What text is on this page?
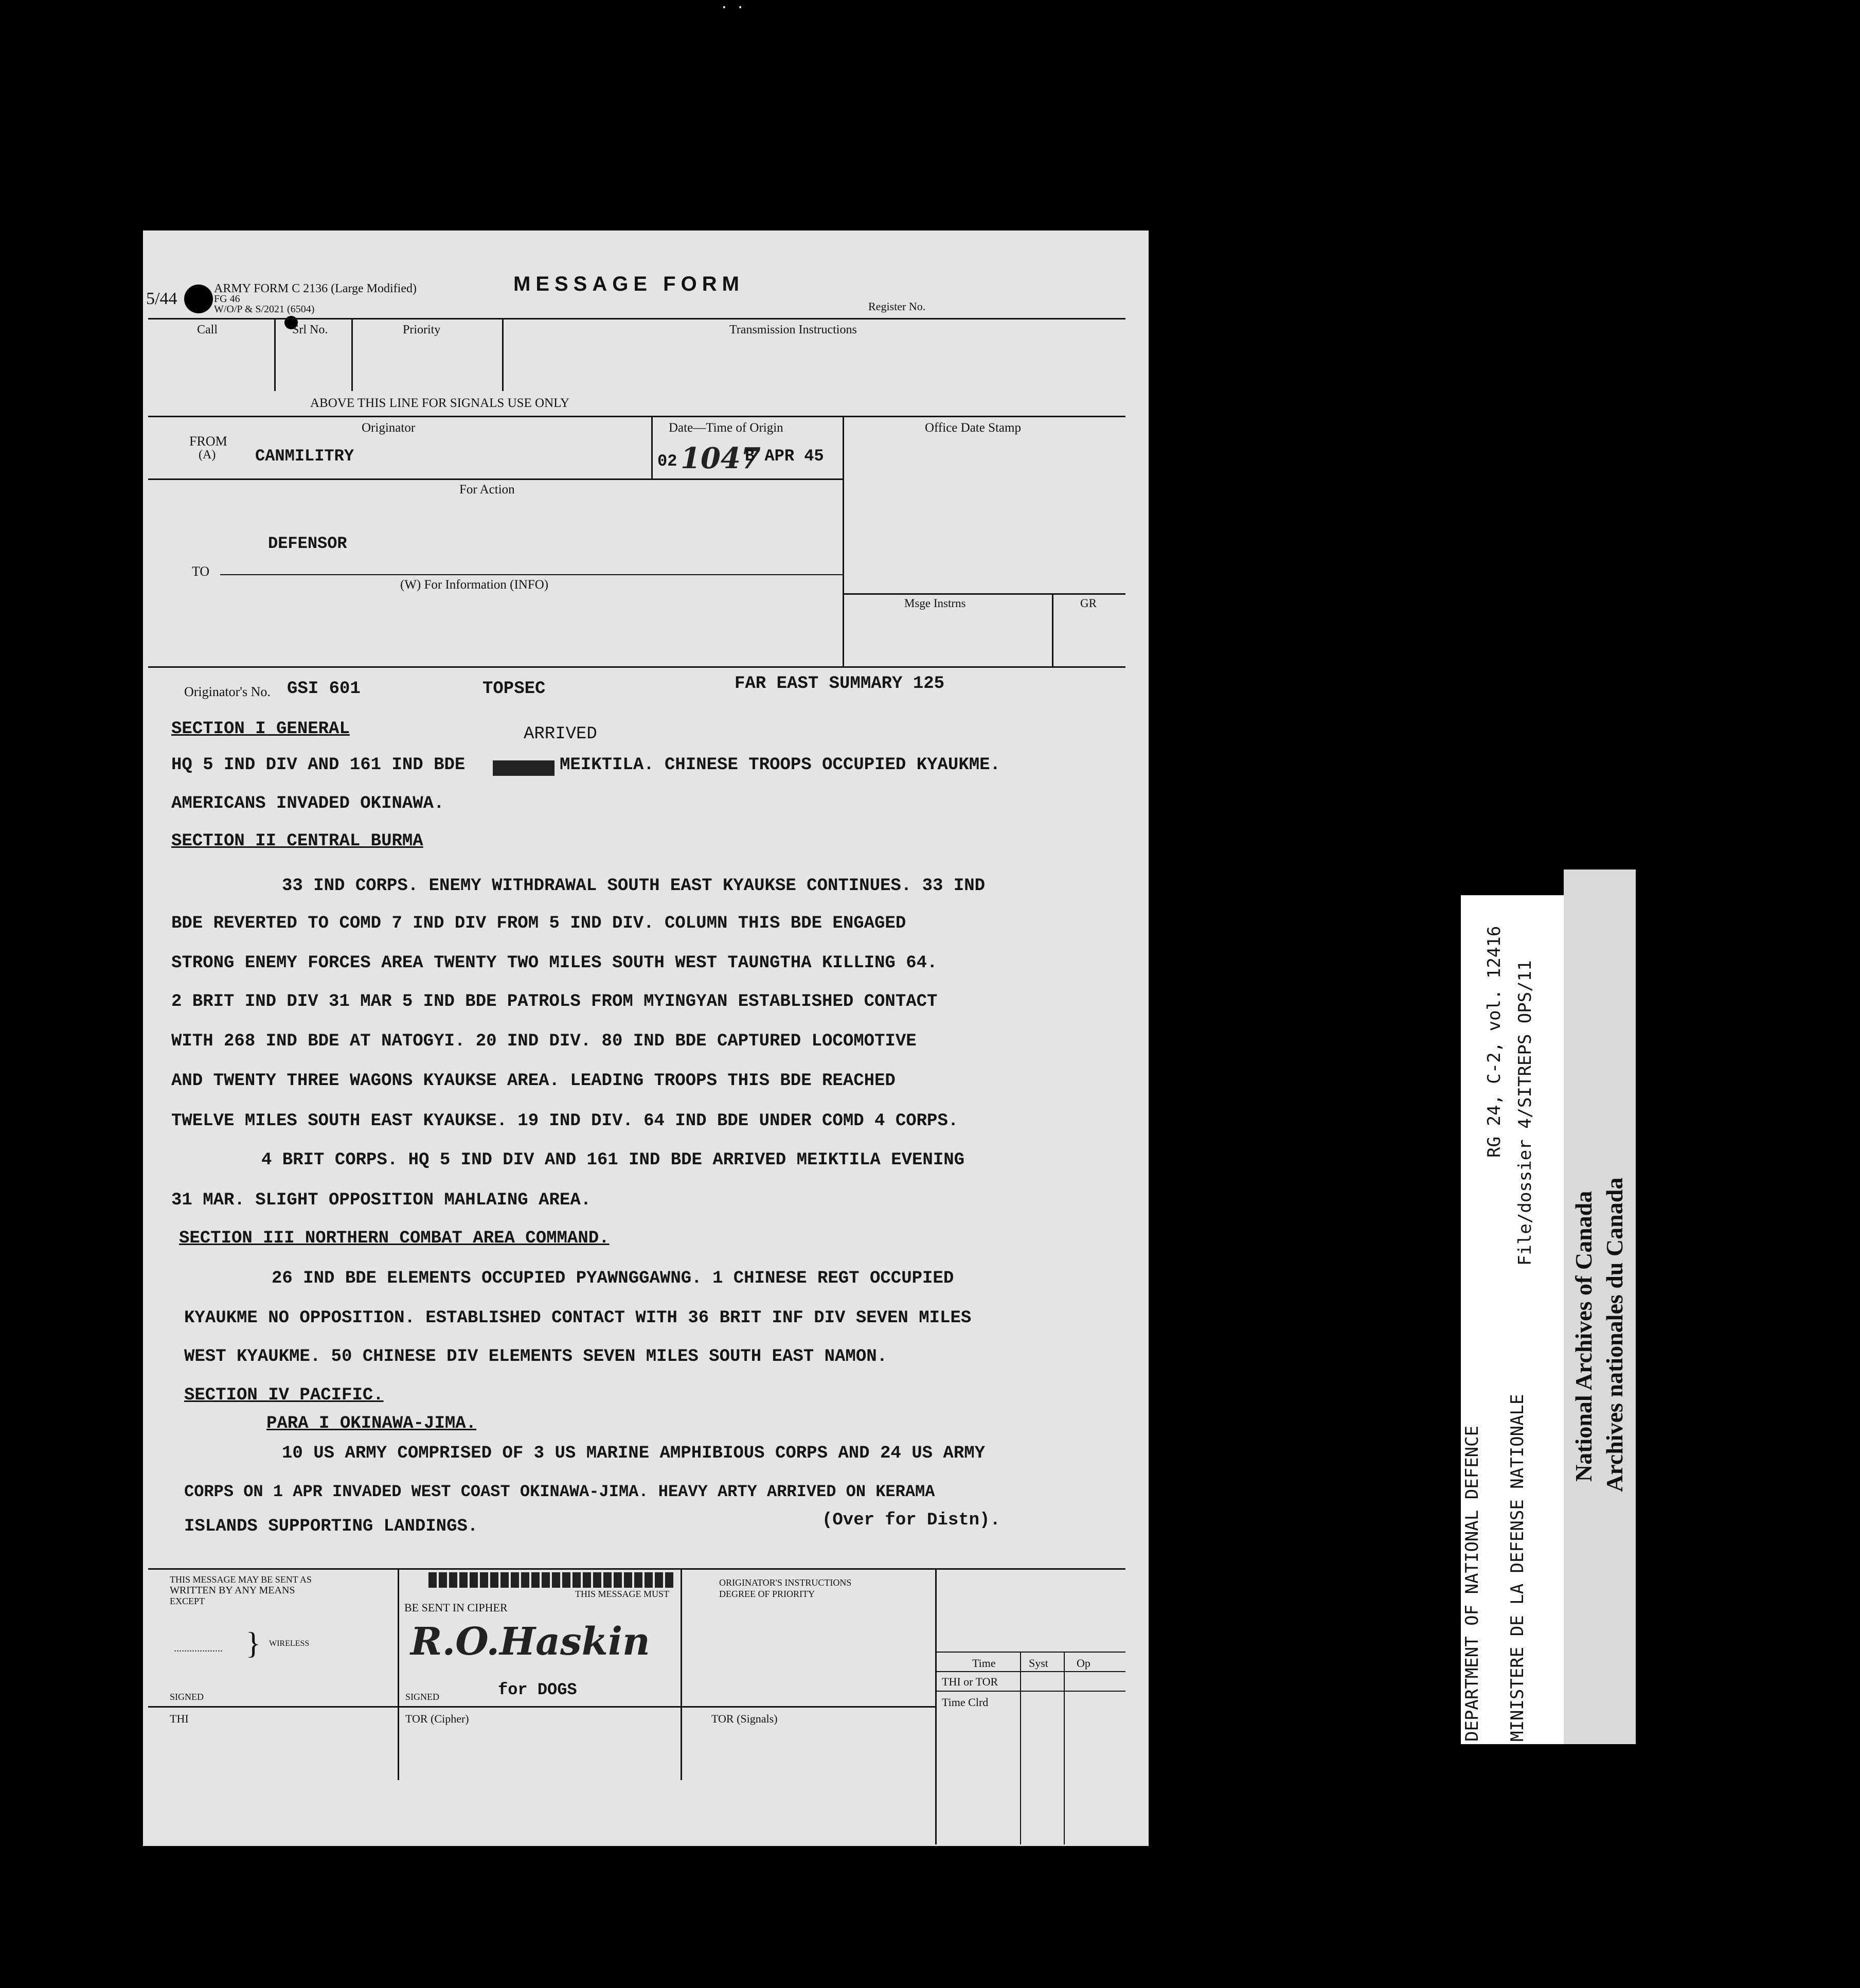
· ·
5/44
ARMY FORM C 2136 (Large Modified)
FG 46
W/O/P & S/2021 (6504)
MESSAGE FORM
Register No.
Call	Srl No.	Priority	Transmission Instructions
ABOVE THIS LINE FOR SIGNALS USE ONLY
Originator	Date—Time of Origin	Office Date Stamp
FROM
(A) CANMILITRY	02 1047
B APR 45
For Action
DEFENSOR
TO
(W) For Information (INFO)
Msge Instrns	GR
Originator's No. GSI 601	TOPSEC	FAR EAST SUMMARY 125
SECTION I GENERAL	ARRIVED
HQ 5 IND DIV AND 161 IND BDE	MEIKTILA. CHINESE TROOPS OCCUPIED KYAUKME.
AMERICANS INVADED OKINAWA.
SECTION II CENTRAL BURMA
33 IND CORPS. ENEMY WITHDRAWAL SOUTH EAST KYAUKSE CONTINUES. 33 IND
BDE REVERTED TO COMD 7 IND DIV FROM 5 IND DIV. COLUMN THIS BDE ENGAGED
STRONG ENEMY FORCES AREA TWENTY TWO MILES SOUTH WEST TAUNGTHA KILLING 64.
2 BRIT IND DIV 31 MAR 5 IND BDE PATROLS FROM MYINGYAN ESTABLISHED CONTACT
WITH 268 IND BDE AT NATOGYI. 20 IND DIV. 80 IND BDE CAPTURED LOCOMOTIVE
AND TWENTY THREE WAGONS KYAUKSE AREA. LEADING TROOPS THIS BDE REACHED
TWELVE MILES SOUTH EAST KYAUKSE. 19 IND DIV. 64 IND BDE UNDER COMD 4 CORPS.
4 BRIT CORPS. HQ 5 IND DIV AND 161 IND BDE ARRIVED MEIKTILA EVENING
31 MAR. SLIGHT OPPOSITION MAHLAING AREA.
SECTION III NORTHERN COMBAT AREA COMMAND.
26 IND BDE ELEMENTS OCCUPIED PYAWNGGAWNG. 1 CHINESE REGT OCCUPIED
KYAUKME NO OPPOSITION. ESTABLISHED CONTACT WITH 36 BRIT INF DIV SEVEN MILES
WEST KYAUKME. 50 CHINESE DIV ELEMENTS SEVEN MILES SOUTH EAST NAMON.
SECTION IV PACIFIC.
PARA I OKINAWA-JIMA.
10 US ARMY COMPRISED OF 3 US MARINE AMPHIBIOUS CORPS AND 24 US ARMY
CORPS ON 1 APR INVADED WEST COAST OKINAWA-JIMA. HEAVY ARTY ARRIVED ON KERAMA
ISLANDS SUPPORTING LANDINGS.	(Over for Distn).
THIS MESSAGE MAY BE SENT AS
WRITTEN BY ANY MEANS
EXCEPT
................... } WIRELESS
SIGNED
THIS MESSAGE MUST
BE SENT IN CIPHER
R.O.Haskin
SIGNED	for DOGS
ORIGINATOR'S INSTRUCTIONS
DEGREE OF PRIORITY
Time	Syst	Op
THI or TOR
Time Clrd
THI	TOR (Cipher)	TOR (Signals)	DEPARTMENT OF NATIONAL DEFENCE MINISTERE DE LA DEFENSE NATIONALE
RG 24, C-2, vol. 12416 File/dossier 4/SITREPS OPS/11
National Archives of Canada Archives nationales du Canada
